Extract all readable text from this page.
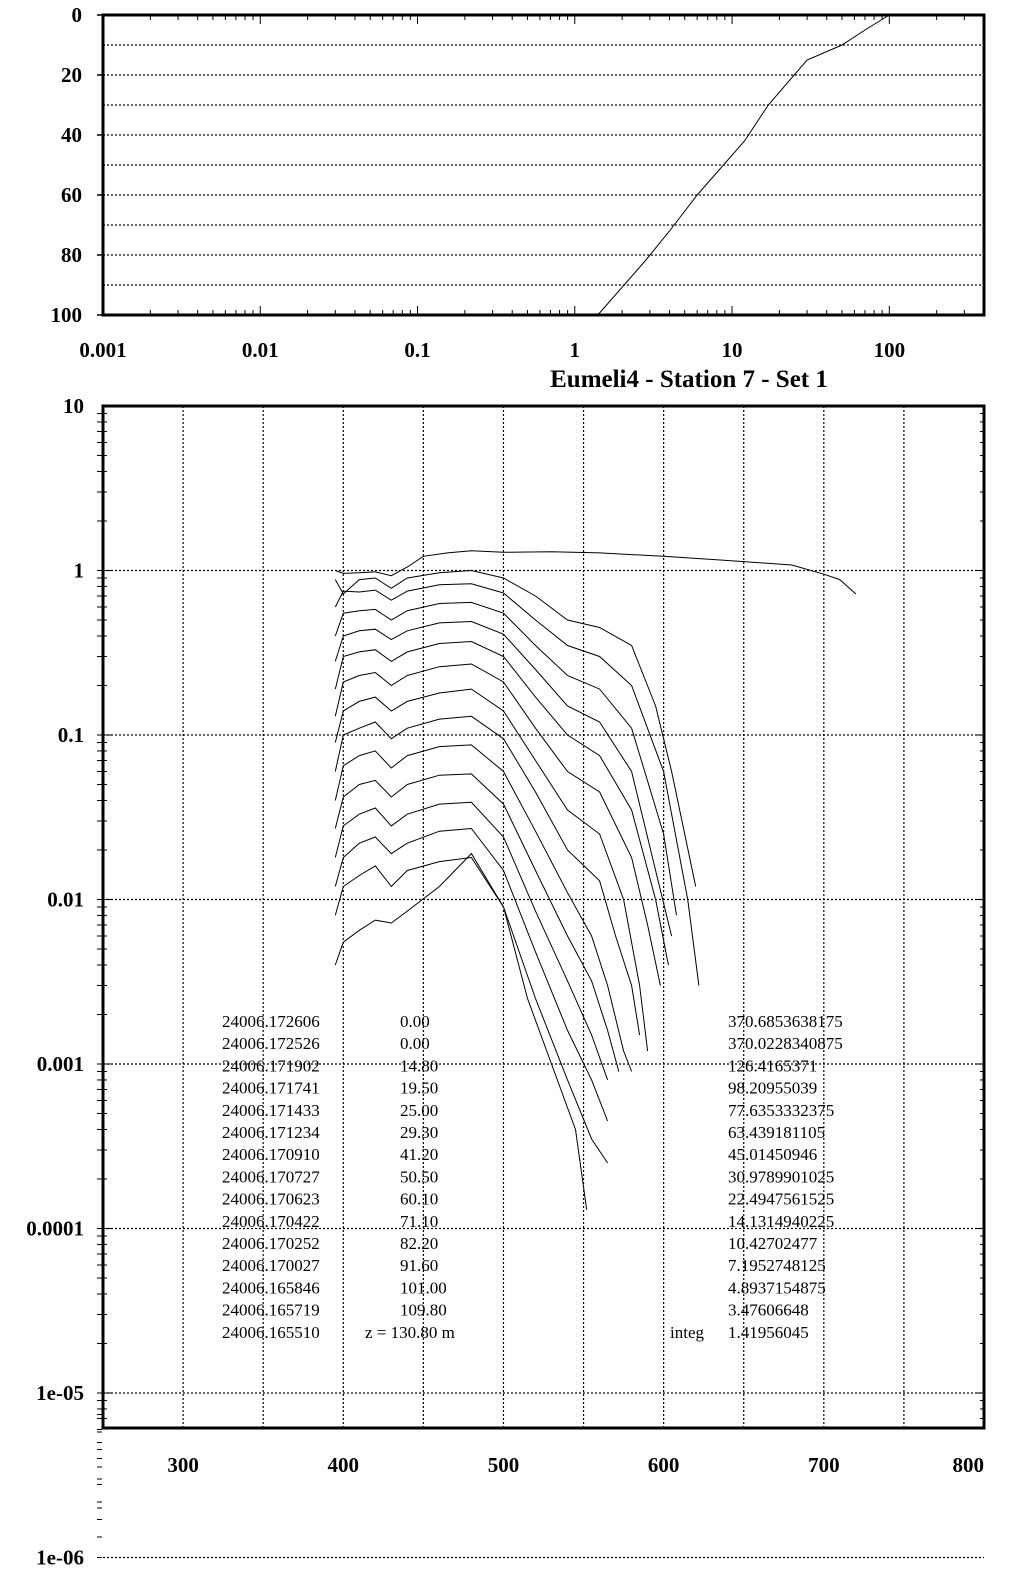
0.001	0.01	0.1	1	10	100
0
20
40
60
80
100
Eumeli4 - Station 7 - Set 1
300	400	500	600	700	800
10
1
0.1
0.01
0.001
0.0001
1e-05
1e-06
24006.172606	0.00	370.6853638175
24006.172526	0.00	370.0228340875
24006.171902	14.80	126.4165371
24006.171741	19.50	98.20955039
24006.171433	25.00	77.6353332375
24006.171234	29.30	63.439181105
24006.170910	41.20	45.01450946
24006.170727	50.50	30.9789901025
24006.170623	60.10	22.4947561525
24006.170422	71.10	14.1314940225
24006.170252	82.20	10.42702477
24006.170027	91.60	7.1952748125
24006.165846	101.00	4.8937154875
24006.165719	109.80	3.47606648
24006.165510	z = 130.80 m	integ 1.41956045
